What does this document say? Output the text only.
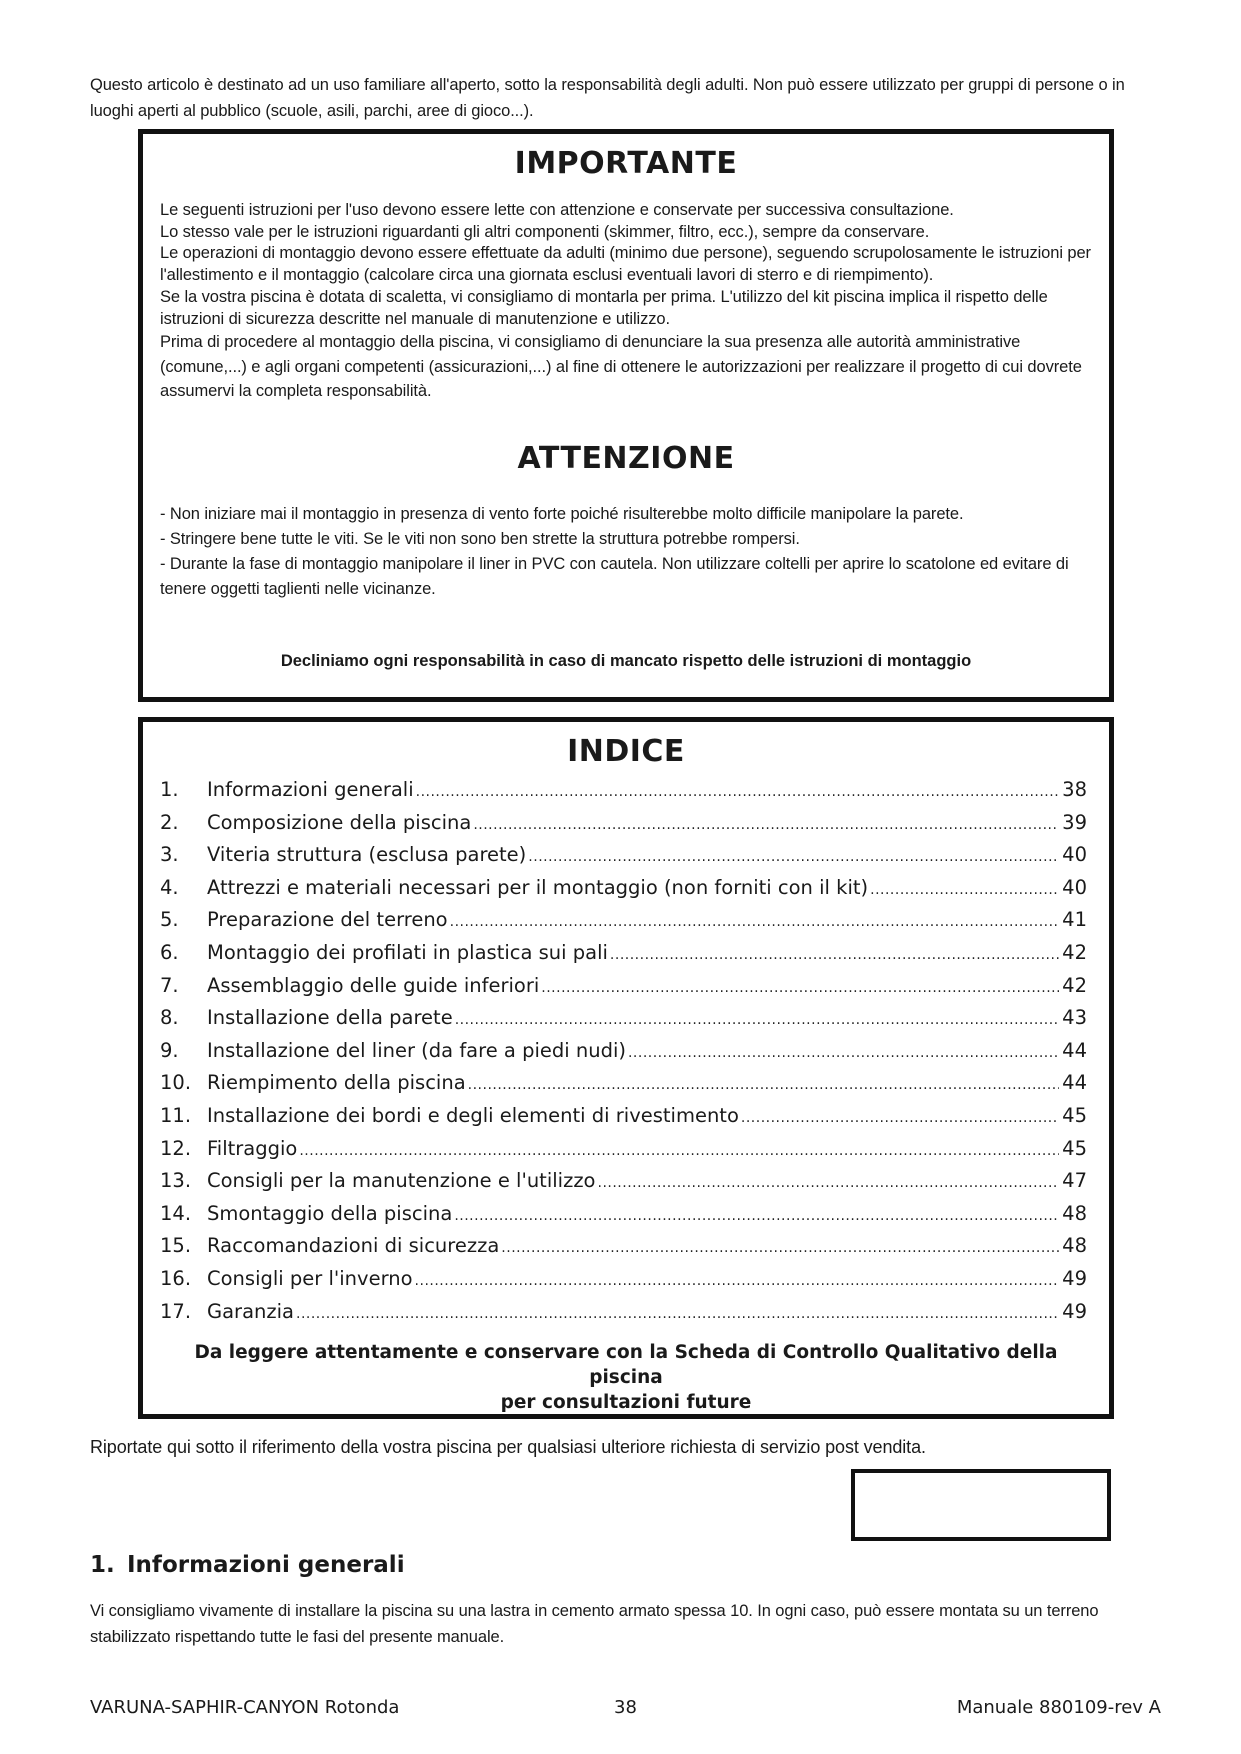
Questo articolo è destinato ad un uso familiare all'aperto, sotto la responsabilità degli adulti. Non può essere utilizzato per gruppi di persone o in luoghi aperti al pubblico (scuole, asili, parchi, aree di gioco...).
IMPORTANTE
Le seguenti istruzioni per l'uso devono essere lette con attenzione e conservate per successiva consultazione.
Lo stesso vale per le istruzioni riguardanti gli altri componenti (skimmer, filtro, ecc.), sempre da conservare.
Le operazioni di montaggio devono essere effettuate da adulti (minimo due persone), seguendo scrupolosamente le istruzioni per l'allestimento e il montaggio (calcolare circa una giornata esclusi eventuali lavori di sterro e di riempimento).
Se la vostra piscina è dotata di scaletta, vi consigliamo di montarla per prima. L'utilizzo del kit piscina implica il rispetto delle istruzioni di sicurezza descritte nel manuale di manutenzione e utilizzo.
Prima di procedere al montaggio della piscina, vi consigliamo di denunciare la sua presenza alle autorità amministrative (comune,...) e agli organi competenti (assicurazioni,...) al fine di ottenere le autorizzazioni per realizzare il progetto di cui dovrete assumervi la completa responsabilità.
ATTENZIONE
- Non iniziare mai il montaggio in presenza di vento forte poiché risulterebbe molto difficile manipolare la parete.
- Stringere bene tutte le viti. Se le viti non sono ben strette la struttura potrebbe rompersi.
- Durante la fase di montaggio manipolare il liner in PVC con cautela. Non utilizzare coltelli per aprire lo scatolone ed evitare di tenere oggetti taglienti nelle vicinanze.
Decliniamo ogni responsabilità in caso di mancato rispetto delle istruzioni di montaggio
INDICE
1.	Informazioni generali .....	38
2.	Composizione della piscina .....	39
3.	Viteria struttura (esclusa parete) .....	40
4.	Attrezzi e materiali necessari per il montaggio (non forniti con il kit) .....	40
5.	Preparazione del terreno .....	41
6.	Montaggio dei profilati in plastica sui pali .....	42
7.	Assemblaggio delle guide inferiori .....	42
8.	Installazione della parete .....	43
9.	Installazione del liner (da fare a piedi nudi) .....	44
10. Riempimento della piscina .....	44
11. Installazione dei bordi e degli elementi di rivestimento .....	45
12. Filtraggio .....	45
13. Consigli per la manutenzione e l'utilizzo .....	47
14. Smontaggio della piscina .....	48
15. Raccomandazioni di sicurezza .....	48
16. Consigli per l'inverno .....	49
17. Garanzia .....	49
Da leggere attentamente e conservare con la Scheda di Controllo Qualitativo della piscina
per consultazioni future
Riportate qui sotto il riferimento della vostra piscina per qualsiasi ulteriore richiesta di servizio post vendita.
1. Informazioni generali
Vi consigliamo vivamente di installare la piscina su una lastra in cemento armato spessa 10. In ogni caso, può essere montata su un terreno stabilizzato rispettando tutte le fasi del presente manuale.
VARUNA-SAPHIR-CANYON Rotonda	38	Manuale 880109-rev A
